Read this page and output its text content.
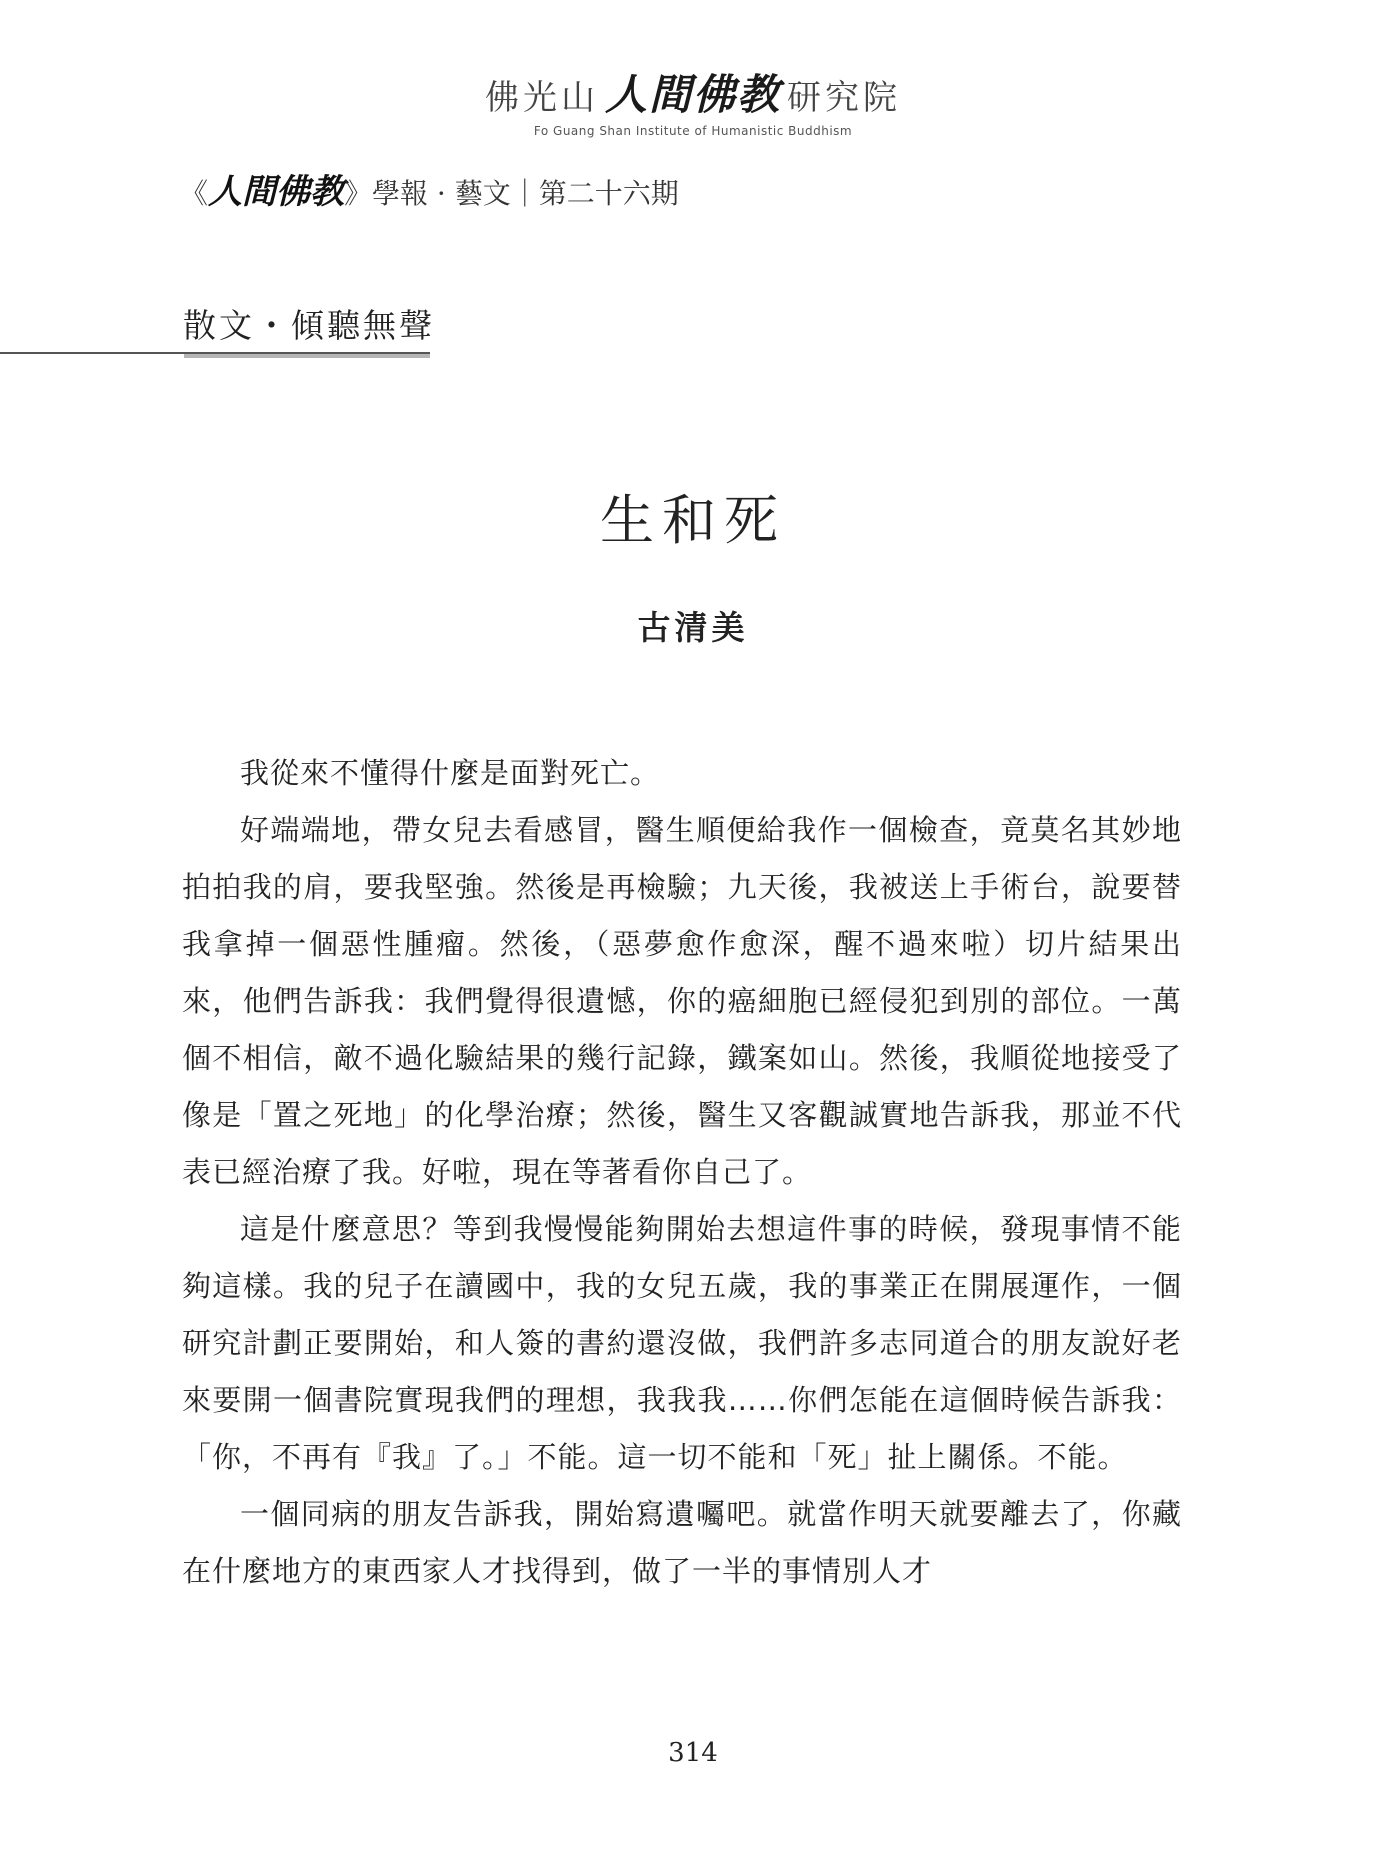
佛光山 人間佛教 研究院
Fo Guang Shan Institute of Humanistic Buddhism
《人間佛教》學報 · 藝文｜第二十六期
散文・傾聽無聲
生和死
古清美

我從來不懂得什麼是面對死亡。

好端端地，帶女兒去看感冒，醫生順便給我作一個檢查，竟莫名其妙地拍拍我的肩，要我堅強。然後是再檢驗；九天後，我被送上手術台，說要替我拿掉一個惡性腫瘤。然後，（惡夢愈作愈深，醒不過來啦）切片結果出來，他們告訴我：我們覺得很遺憾，你的癌細胞已經侵犯到別的部位。一萬個不相信，敵不過化驗結果的幾行記錄，鐵案如山。然後，我順從地接受了像是「置之死地」的化學治療；然後，醫生又客觀誠實地告訴我，那並不代表已經治療了我。好啦，現在等著看你自己了。

這是什麼意思？等到我慢慢能夠開始去想這件事的時候，發現事情不能夠這樣。我的兒子在讀國中，我的女兒五歲，我的事業正在開展運作，一個研究計劃正要開始，和人簽的書約還沒做，我們許多志同道合的朋友說好老來要開一個書院實現我們的理想，我我我……你們怎能在這個時候告訴我：「你，不再有『我』了。」不能。這一切不能和「死」扯上關係。不能。

一個同病的朋友告訴我，開始寫遺囑吧。就當作明天就要離去了，你藏在什麼地方的東西家人才找得到，做了一半的事情別人才

314
